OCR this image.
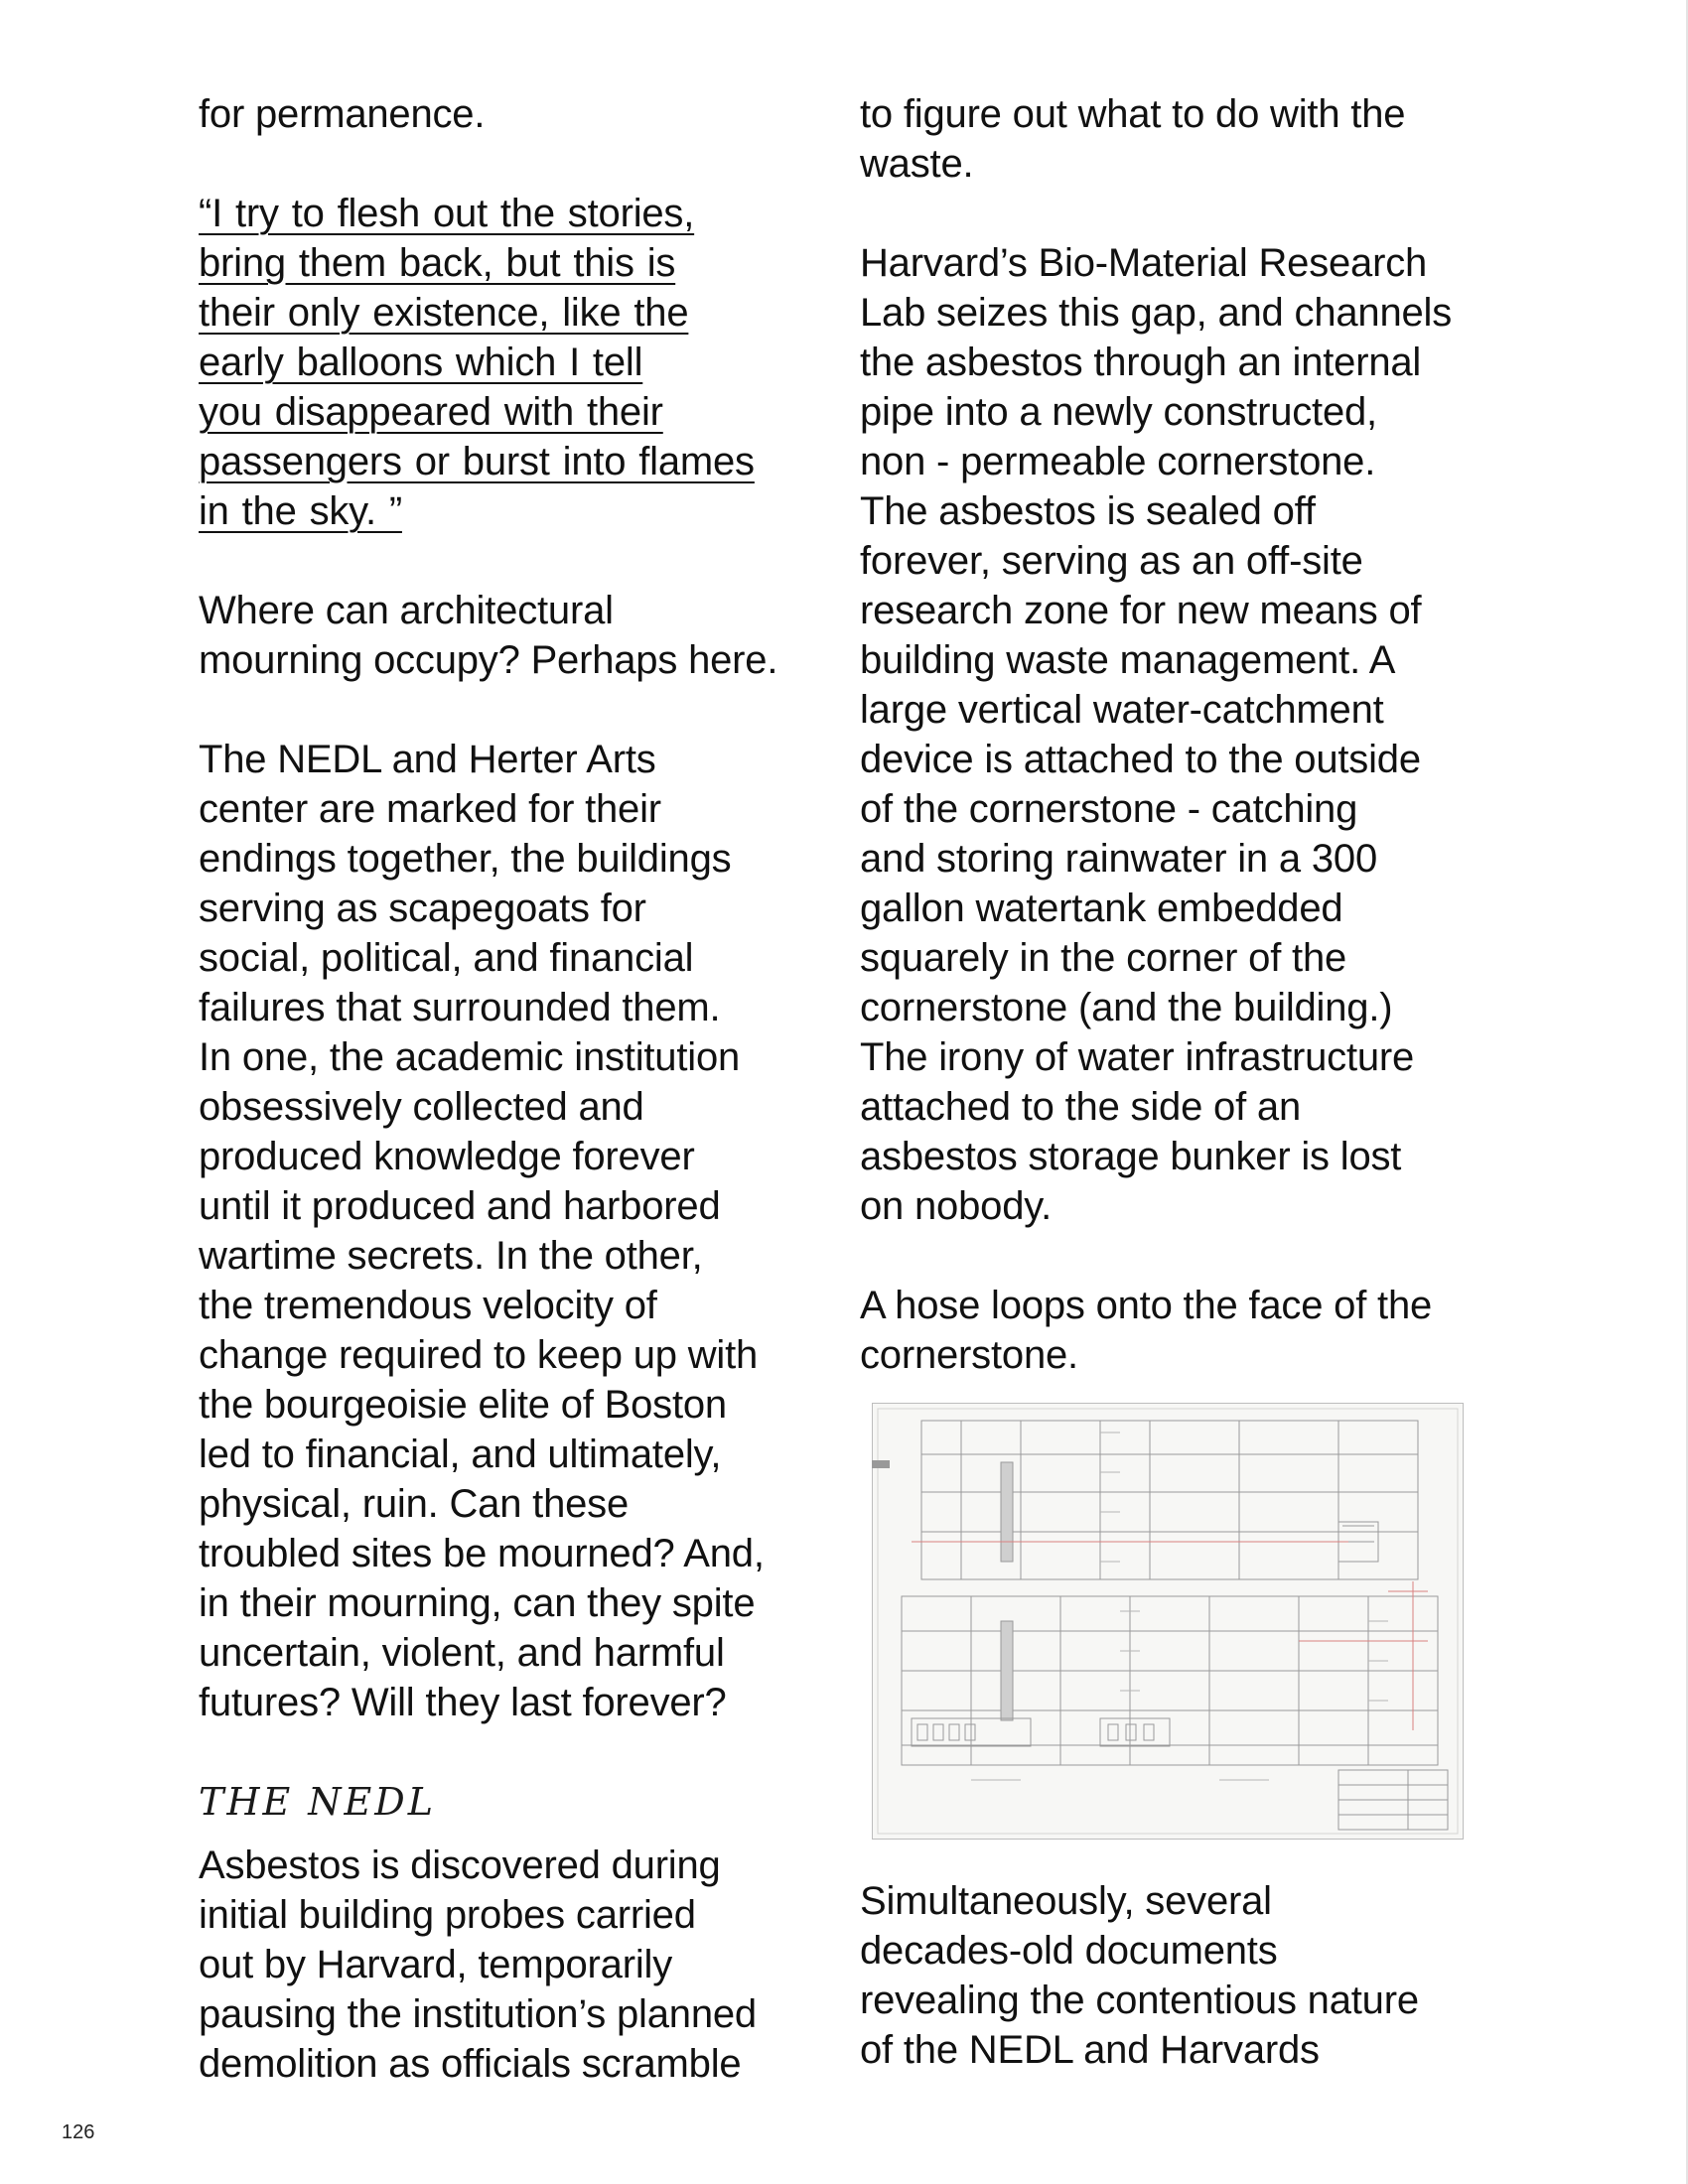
for permanence.

“I try to flesh out the stories,
bring them back, but this is
their only existence, like the
early balloons which I tell
you disappeared with their
passengers or burst into flames
in the sky. ”

Where can architectural
mourning occupy? Perhaps here.

The NEDL and Herter Arts
center are marked for their
endings together, the buildings
serving as scapegoats for
social, political, and financial
failures that surrounded them.
In one, the academic institution
obsessively collected and
produced knowledge forever
until it produced and harbored
wartime secrets. In the other,
the tremendous velocity of
change required to keep up with
the bourgeoisie elite of Boston
led to financial, and ultimately,
physical, ruin. Can these
troubled sites be mourned? And,
in their mourning, can they spite
uncertain, violent, and harmful
futures? Will they last forever?

THE NEDL

Asbestos is discovered during
initial building probes carried
out by Harvard, temporarily
pausing the institution’s planned
demolition as officials scramble

to figure out what to do with the
waste.

Harvard’s Bio-Material Research
Lab seizes this gap, and channels
the asbestos through an internal
pipe into a newly constructed,
non - permeable cornerstone.
The asbestos is sealed off
forever, serving as an off-site
research zone for new means of
building waste management. A
large vertical water-catchment
device is attached to the outside
of the cornerstone - catching
and storing rainwater in a 300
gallon watertank embedded
squarely in the corner of the
cornerstone (and the building.)
The irony of water infrastructure
attached to the side of an
asbestos storage bunker is lost
on nobody.

A hose loops onto the face of the
cornerstone.

Simultaneously, several
decades-old documents
revealing the contentious nature
of the NEDL and Harvards
126
